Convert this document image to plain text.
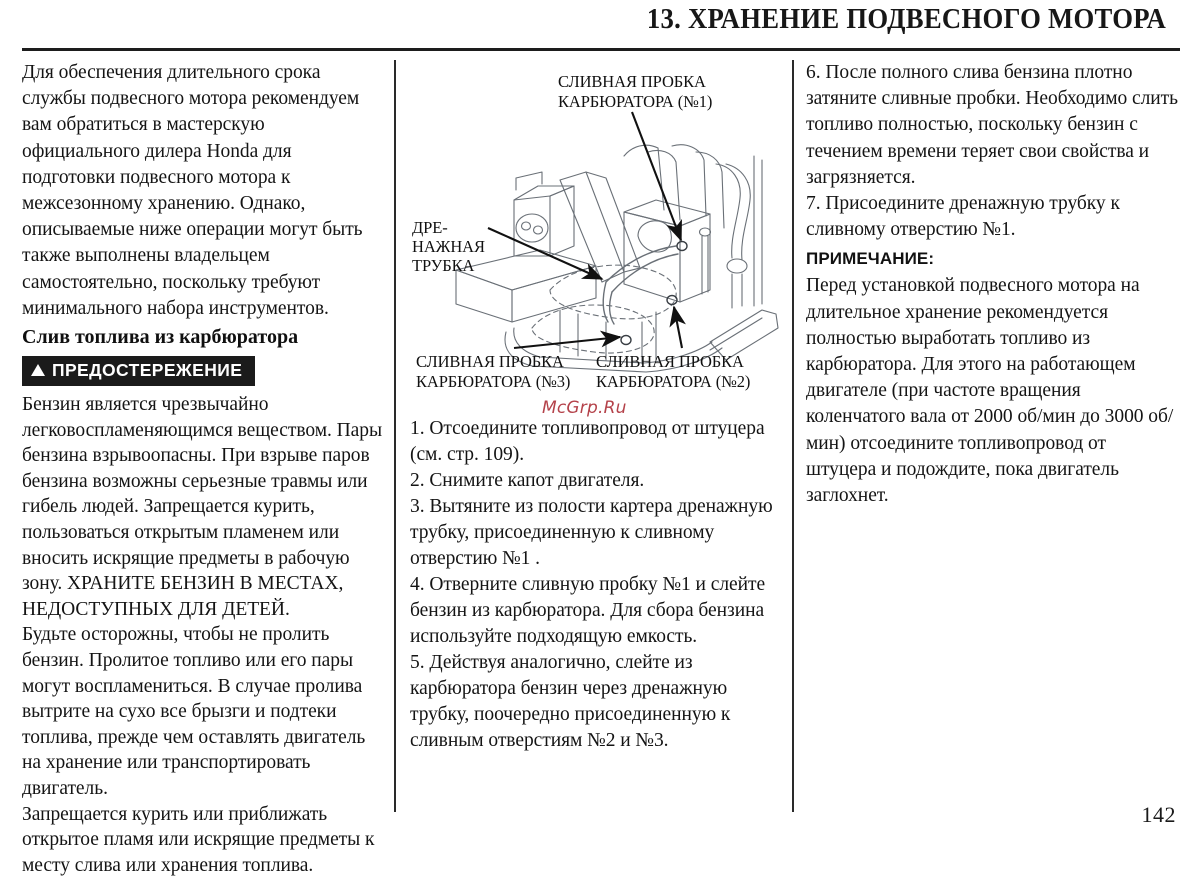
13. ХРАНЕНИЕ ПОДВЕСНОГО МОТОРА

Для обеспечения длительного срока службы подвесного мотора рекомендуем вам обратиться в мастерскую официального дилера Honda для подготовки подвесного мотора к межсезонному хранению. Однако, описываемые ниже операции могут быть также выполнены владельцем самостоятельно, поскольку требуют минимального набора инструментов.

Слив топлива из карбюратора
ПРЕДОСТЕРЕЖЕНИЕ

Бензин является чрезвычайно легковоспламеняющимся веществом. Пары бензина взрывоопасны. При взрыве паров бензина возможны серьезные травмы или гибель людей. Запрещается курить, пользоваться открытым пламенем или вносить искрящие предметы в рабочую зону. ХРАНИТЕ БЕНЗИН В МЕСТАХ, НЕДОСТУПНЫХ ДЛЯ ДЕТЕЙ.

Будьте осторожны, чтобы не пролить бензин. Пролитое топливо или его пары могут воспламениться. В случае пролива вытрите на сухо все брызги и подтеки топлива, прежде чем оставлять двигатель на хранение или транспортировать двигатель.

Запрещается курить или приближать открытое пламя или искрящие предметы к месту слива или хранения топлива.

СЛИВНАЯ ПРОБКА
КАРБЮРАТОРА (№1)
ДРЕ-
НАЖНАЯ
ТРУБКА
СЛИВНАЯ ПРОБКА
КАРБЮРАТОРА (№3)
СЛИВНАЯ ПРОБКА
КАРБЮРАТОРА (№2)
McGrp.Ru

1. Отсоедините топливопровод от штуцера (см. стр. 109).

2. Снимите капот двигателя.

3. Вытяните из полости картера дренажную трубку, присоединенную к сливному отверстию №1 .

4. Отверните сливную пробку №1 и слейте бензин из карбюратора. Для сбора бензина используйте подходящую емкость.

5. Действуя аналогично, слейте из карбюратора бензин через дренажную трубку, поочередно присоединенную к сливным отверстиям №2 и №3.

6. После полного слива бензина плотно затяните сливные пробки. Необходимо слить топливо полностью, поскольку бензин с течением времени теряет свои свойства и загрязняется.

7. Присоедините дренажную трубку к сливному отверстию №1.

ПРИМЕЧАНИЕ:

Перед установкой подвесного мотора на длительное хранение рекомендуется полностью выработать топливо из карбюратора. Для этого на работающем двигателе (при частоте вращения коленчатого вала от 2000 об/мин до 3000 об/мин) отсоедините топливопровод от штуцера и подождите, пока двигатель заглохнет.

142
